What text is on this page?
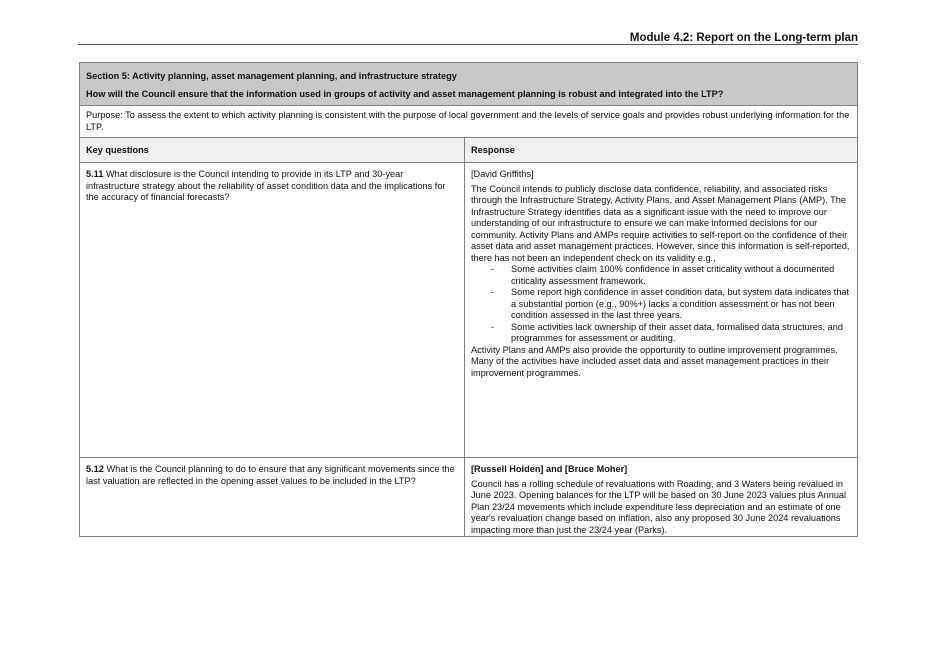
Module 4.2: Report on the Long-term plan
Section 5: Activity planning, asset management planning, and infrastructure strategy
How will the Council ensure that the information used in groups of activity and asset management planning is robust and integrated into the LTP?
Purpose: To assess the extent to which activity planning is consistent with the purpose of local government and the levels of service goals and provides robust underlying information for the LTP.
Key questions	Response
5.11 What disclosure is the Council intending to provide in its LTP and 30-year infrastructure strategy about the reliability of asset condition data and the implications for the accuracy of financial forecasts?
[David Griffiths]
The Council intends to publicly disclose data confidence, reliability, and associated risks through the Infrastructure Strategy, Activity Plans, and Asset Management Plans (AMP). The Infrastructure Strategy identifies data as a significant issue with the need to improve our understanding of our infrastructure to ensure we can make informed decisions for our community. Activity Plans and AMPs require activities to self-report on the confidence of their asset data and asset management practices. However, since this information is self-reported, there has not been an independent check on its validity e.g.,
- Some activities claim 100% confidence in asset criticality without a documented criticality assessment framework.
- Some report high confidence in asset condition data, but system data indicates that a substantial portion (e.g., 90%+) lacks a condition assessment or has not been condition assessed in the last three years.
- Some activities lack ownership of their asset data, formalised data structures, and programmes for assessment or auditing.
Activity Plans and AMPs also provide the opportunity to outline improvement programmes. Many of the activities have included asset data and asset management practices in their improvement programmes.
5.12 What is the Council planning to do to ensure that any significant movements since the last valuation are reflected in the opening asset values to be included in the LTP?
[Russell Holden] and [Bruce Moher]
Council has a rolling schedule of revaluations with Roading, and 3 Waters being revalued in June 2023. Opening balances for the LTP will be based on 30 June 2023 values plus Annual Plan 23/24 movements which include expenditure less depreciation and an estimate of one year's revaluation change based on inflation, also any proposed 30 June 2024 revaluations impacting more than just the 23/24 year (Parks).
